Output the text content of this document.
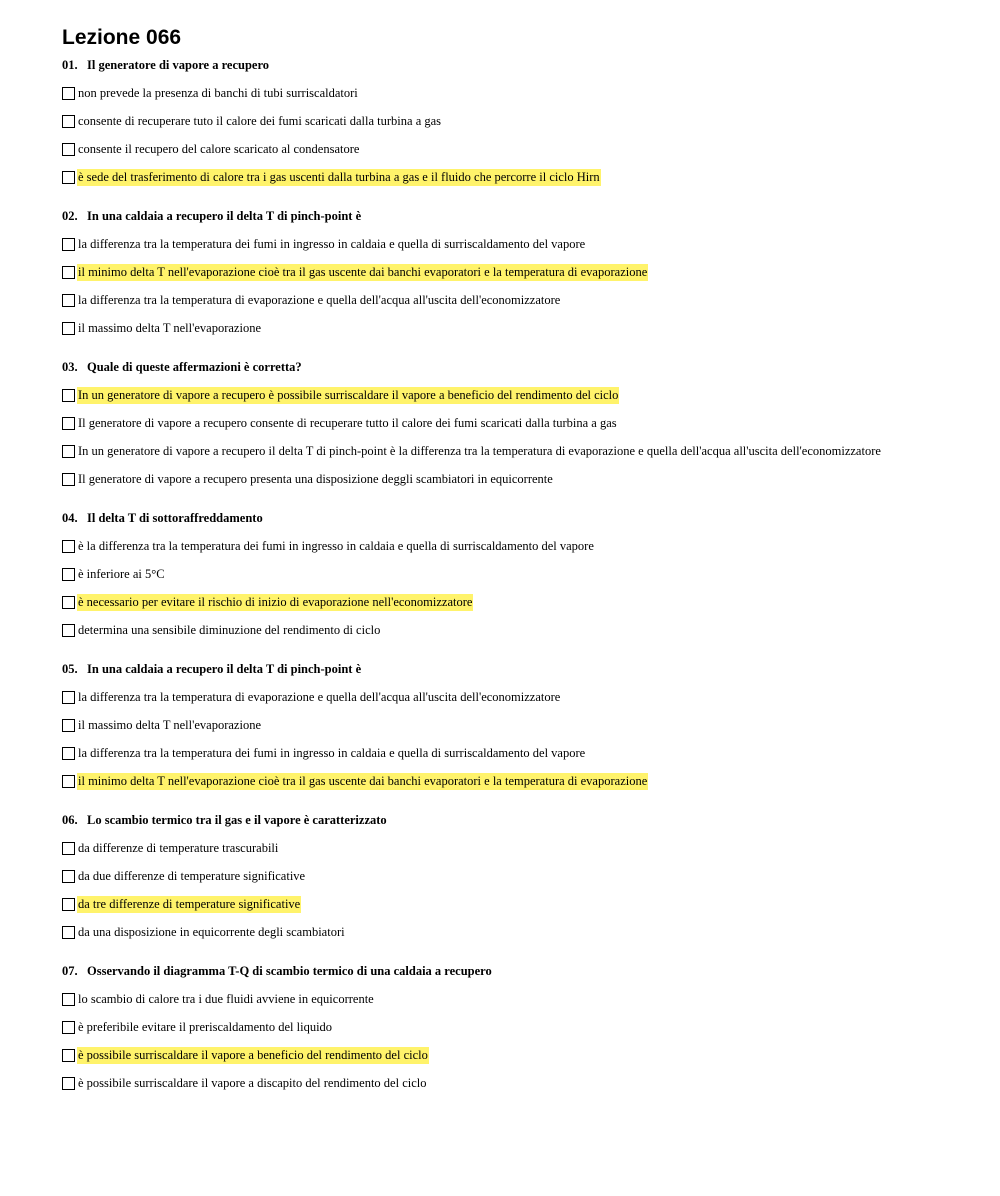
Lezione 066
01. Il generatore di vapore a recupero
non prevede la presenza di banchi di tubi surriscaldatori
consente di recuperare tuto il calore dei fumi scaricati dalla turbina a gas
consente il recupero del calore scaricato al condensatore
è sede del trasferimento di calore tra i gas uscenti dalla turbina a gas e il fluido che percorre il ciclo Hirn
02. In una caldaia a recupero il delta T di pinch-point è
la differenza tra la temperatura dei fumi in ingresso in caldaia e quella di surriscaldamento del vapore
il minimo delta T nell'evaporazione cioè tra il gas uscente dai banchi evaporatori e la temperatura di evaporazione
la differenza tra la temperatura di evaporazione e quella dell'acqua all'uscita dell'economizzatore
il massimo delta T nell'evaporazione
03. Quale di queste affermazioni è corretta?
In un generatore di vapore a recupero è possibile surriscaldare il vapore a beneficio del rendimento del ciclo
Il generatore di vapore a recupero consente di recuperare tutto il calore dei fumi scaricati dalla turbina a gas
In un generatore di vapore a recupero il delta T di pinch-point è la differenza tra la temperatura di evaporazione e quella dell'acqua all'uscita dell'economizzatore
Il generatore di vapore a recupero presenta una disposizione deggli scambiatori in equicorrente
04. Il delta T di sottoraffreddamento
è la differenza tra la temperatura dei fumi in ingresso in caldaia e quella di surriscaldamento del vapore
è inferiore ai 5°C
è necessario per evitare il rischio di inizio di evaporazione nell'economizzatore
determina una sensibile diminuzione del rendimento di ciclo
05. In una caldaia a recupero il delta T di pinch-point è
la differenza tra la temperatura di evaporazione e quella dell'acqua all'uscita dell'economizzatore
il massimo delta T nell'evaporazione
la differenza tra la temperatura dei fumi in ingresso in caldaia e quella di surriscaldamento del vapore
il minimo delta T nell'evaporazione cioè tra il gas uscente dai banchi evaporatori e la temperatura di evaporazione
06. Lo scambio termico tra il gas e il vapore è caratterizzato
da differenze di temperature trascurabili
da due differenze di temperature significative
da tre differenze di temperature significative
da una disposizione in equicorrente degli scambiatori
07. Osservando il diagramma T-Q di scambio termico di una caldaia a recupero
lo scambio di calore tra i due fluidi avviene in equicorrente
è preferibile evitare il preriscaldamento del liquido
è possibile surriscaldare il vapore a beneficio del rendimento del ciclo
è possibile surriscaldare il vapore a discapito del rendimento del ciclo
